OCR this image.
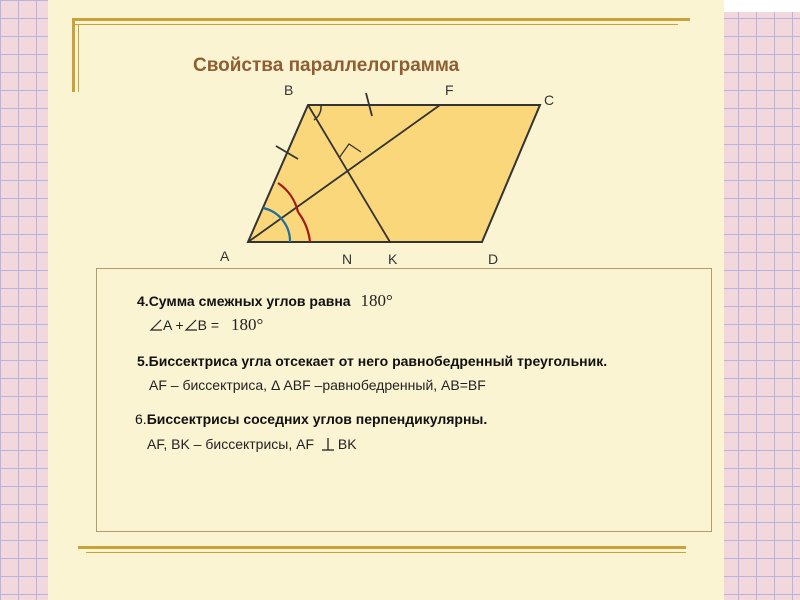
Свойства параллелограмма
B	F
C
A	N	K	D
4.Сумма смежных углов равна 180°
A + B = 180°
5.Биссектриса угла отсекает от него равнобедренный треугольник.
AF – биссектриса, Δ ABF –равнобедренный, AB=BF
6.Биссектрисы соседних углов перпендикулярны.
AF, BK – биссектрисы, AF BK
